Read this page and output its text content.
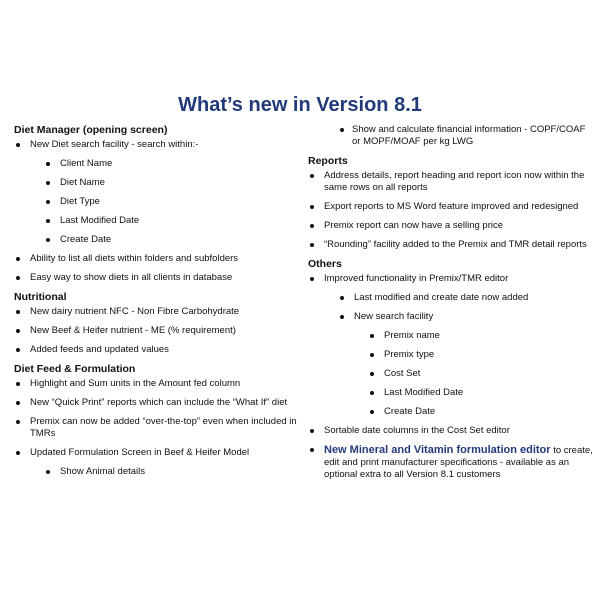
What’s new in Version 8.1
Diet Manager (opening screen)
New Diet search facility - search within:-
Client Name
Diet Name
Diet Type
Last Modified Date
Create Date
Ability to list all diets within folders and subfolders
Easy way to show diets in all clients in database
Nutritional
New dairy nutrient NFC - Non Fibre Carbohydrate
New Beef & Heifer nutrient - ME (% requirement)
Added feeds and updated values
Diet Feed & Formulation
Highlight and Sum units in the Amount fed column
New “Quick Print” reports which can include the “What If” diet
Premix can now be added “over-the-top” even when included in TMRs
Updated Formulation Screen in Beef & Heifer Model
Show Animal details
Show and calculate financial information - COPF/COAF or MOPF/MOAF per kg LWG
Reports
Address details, report heading and report icon now within the same rows on all reports
Export reports to MS Word feature improved and redesigned
Premix report can now have a selling price
“Rounding” facility added to the Premix and TMR detail reports
Others
Improved functionality in Premix/TMR editor
Last modified and create date now added
New search facility
Premix name
Premix type
Cost Set
Last Modified Date
Create Date
Sortable date columns in the Cost Set editor
New Mineral and Vitamin formulation editor to create, edit and print manufacturer specifications - available as an optional extra to all Version 8.1 customers
